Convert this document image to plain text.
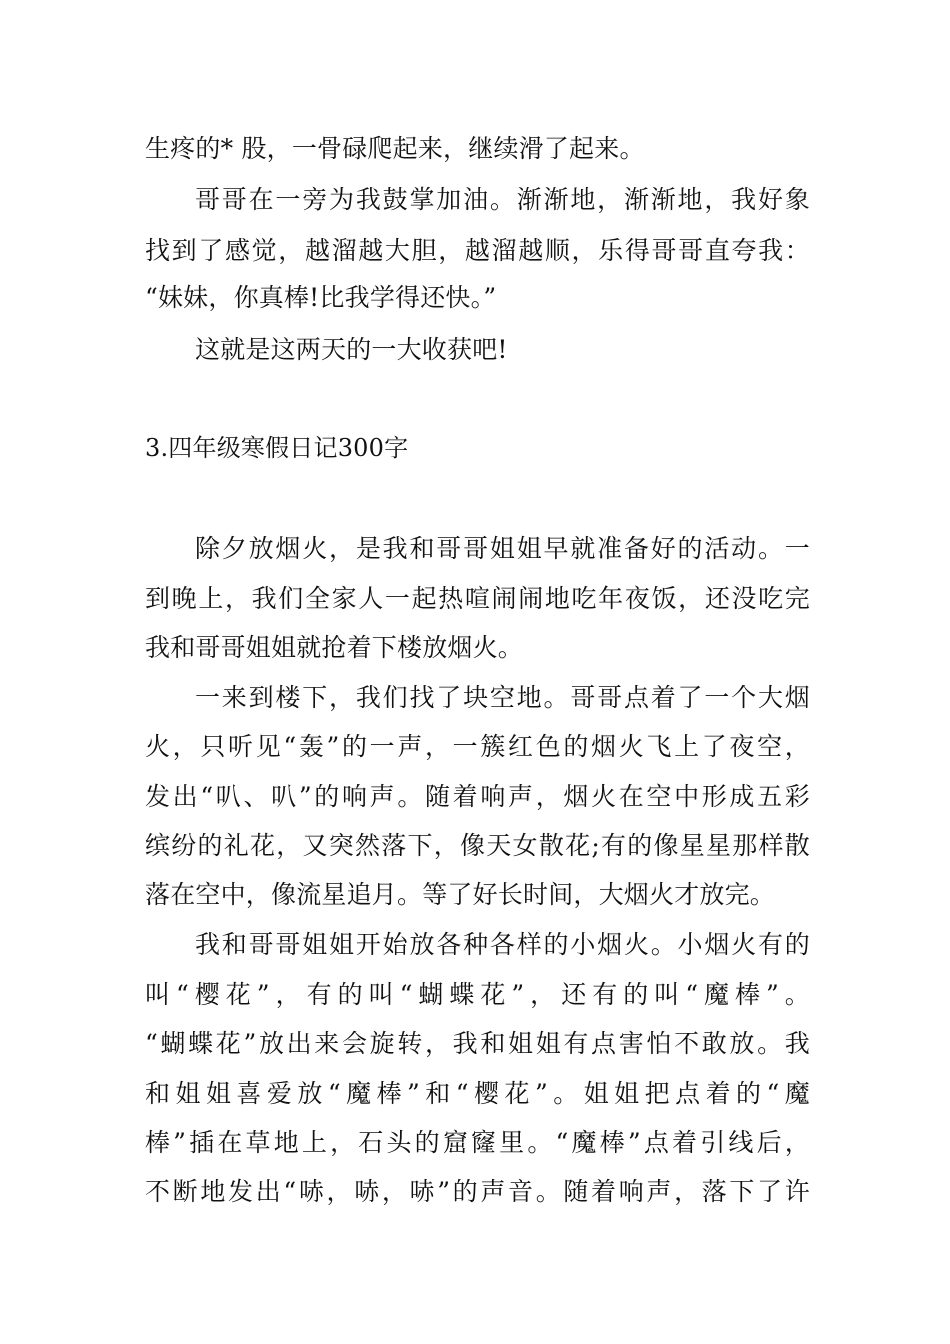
生疼的* 股，一骨碌爬起来，继续滑了起来。
哥哥在一旁为我鼓掌加油。渐渐地，渐渐地，我好象
找到了感觉，越溜越大胆，越溜越顺，乐得哥哥直夸我：
“妹妹，你真棒!比我学得还快。”
这就是这两天的一大收获吧!
3.四年级寒假日记300字
除夕放烟火，是我和哥哥姐姐早就准备好的活动。一
到晚上，我们全家人一起热喧闹闹地吃年夜饭，还没吃完
我和哥哥姐姐就抢着下楼放烟火。
一来到楼下，我们找了块空地。哥哥点着了一个大烟
火，只听见“轰”的一声，一簇红色的烟火飞上了夜空，
发出“叭、叭”的响声。随着响声，烟火在空中形成五彩
缤纷的礼花，又突然落下，像天女散花;有的像星星那样散
落在空中，像流星追月。等了好长时间，大烟火才放完。
我和哥哥姐姐开始放各种各样的小烟火。小烟火有的
叫“樱花”，有的叫“蝴蝶花”，还有的叫“魔棒”。
“蝴蝶花”放出来会旋转，我和姐姐有点害怕不敢放。我
和姐姐喜爱放“魔棒”和“樱花”。姐姐把点着的“魔
棒”插在草地上，石头的窟窿里。“魔棒”点着引线后，
不断地发出“哧，哧，哧”的声音。随着响声，落下了许
